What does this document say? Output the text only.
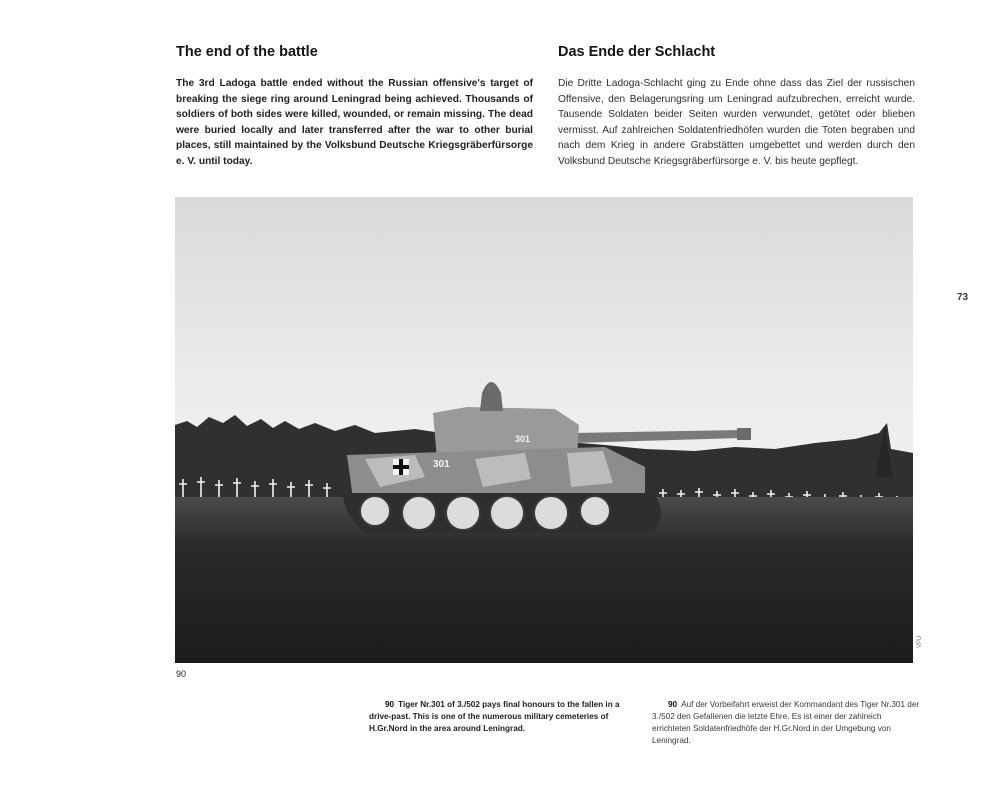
The end of the battle	Das Ende der Schlacht

The 3rd Ladoga battle ended without the Russian offensive's target of breaking the siege ring around Leningrad being achieved. Thousands of soldiers of both sides were killed, wounded, or remain missing. The dead were buried locally and later transferred after the war to other burial places, still maintained by the Volksbund Deutsche Kriegsgräberfürsorge e. V. until today.

Die Dritte Ladoga-Schlacht ging zu Ende ohne dass das Ziel der russischen Offensive, den Belagerungsring um Leningrad aufzubrechen, erreicht wurde. Tausende Soldaten beider Seiten wurden verwundet, getötet oder blieben vermisst. Auf zahlreichen Soldatenfriedhöfen wurden die Toten begraben und nach dem Krieg in andere Grabstätten umgebettet und werden durch den Volksbund Deutsche Kriegsgräberfürsorge e. V. bis heute gepflegt.

73
301
301
VPU
90

90 Tiger Nr.301 of 3./502 pays final honours to the fallen in a drive-past. This is one of the numerous military cemeteries of H.Gr.Nord in the area around Leningrad.

90 Auf der Vorbeifahrt erweist der Kommandant des Tiger Nr.301 der 3./502 den Gefallenen die letzte Ehre. Es ist einer der zahlreich errichteten Soldatenfriedhöfe der H.Gr.Nord in der Umgebung von Leningrad.
